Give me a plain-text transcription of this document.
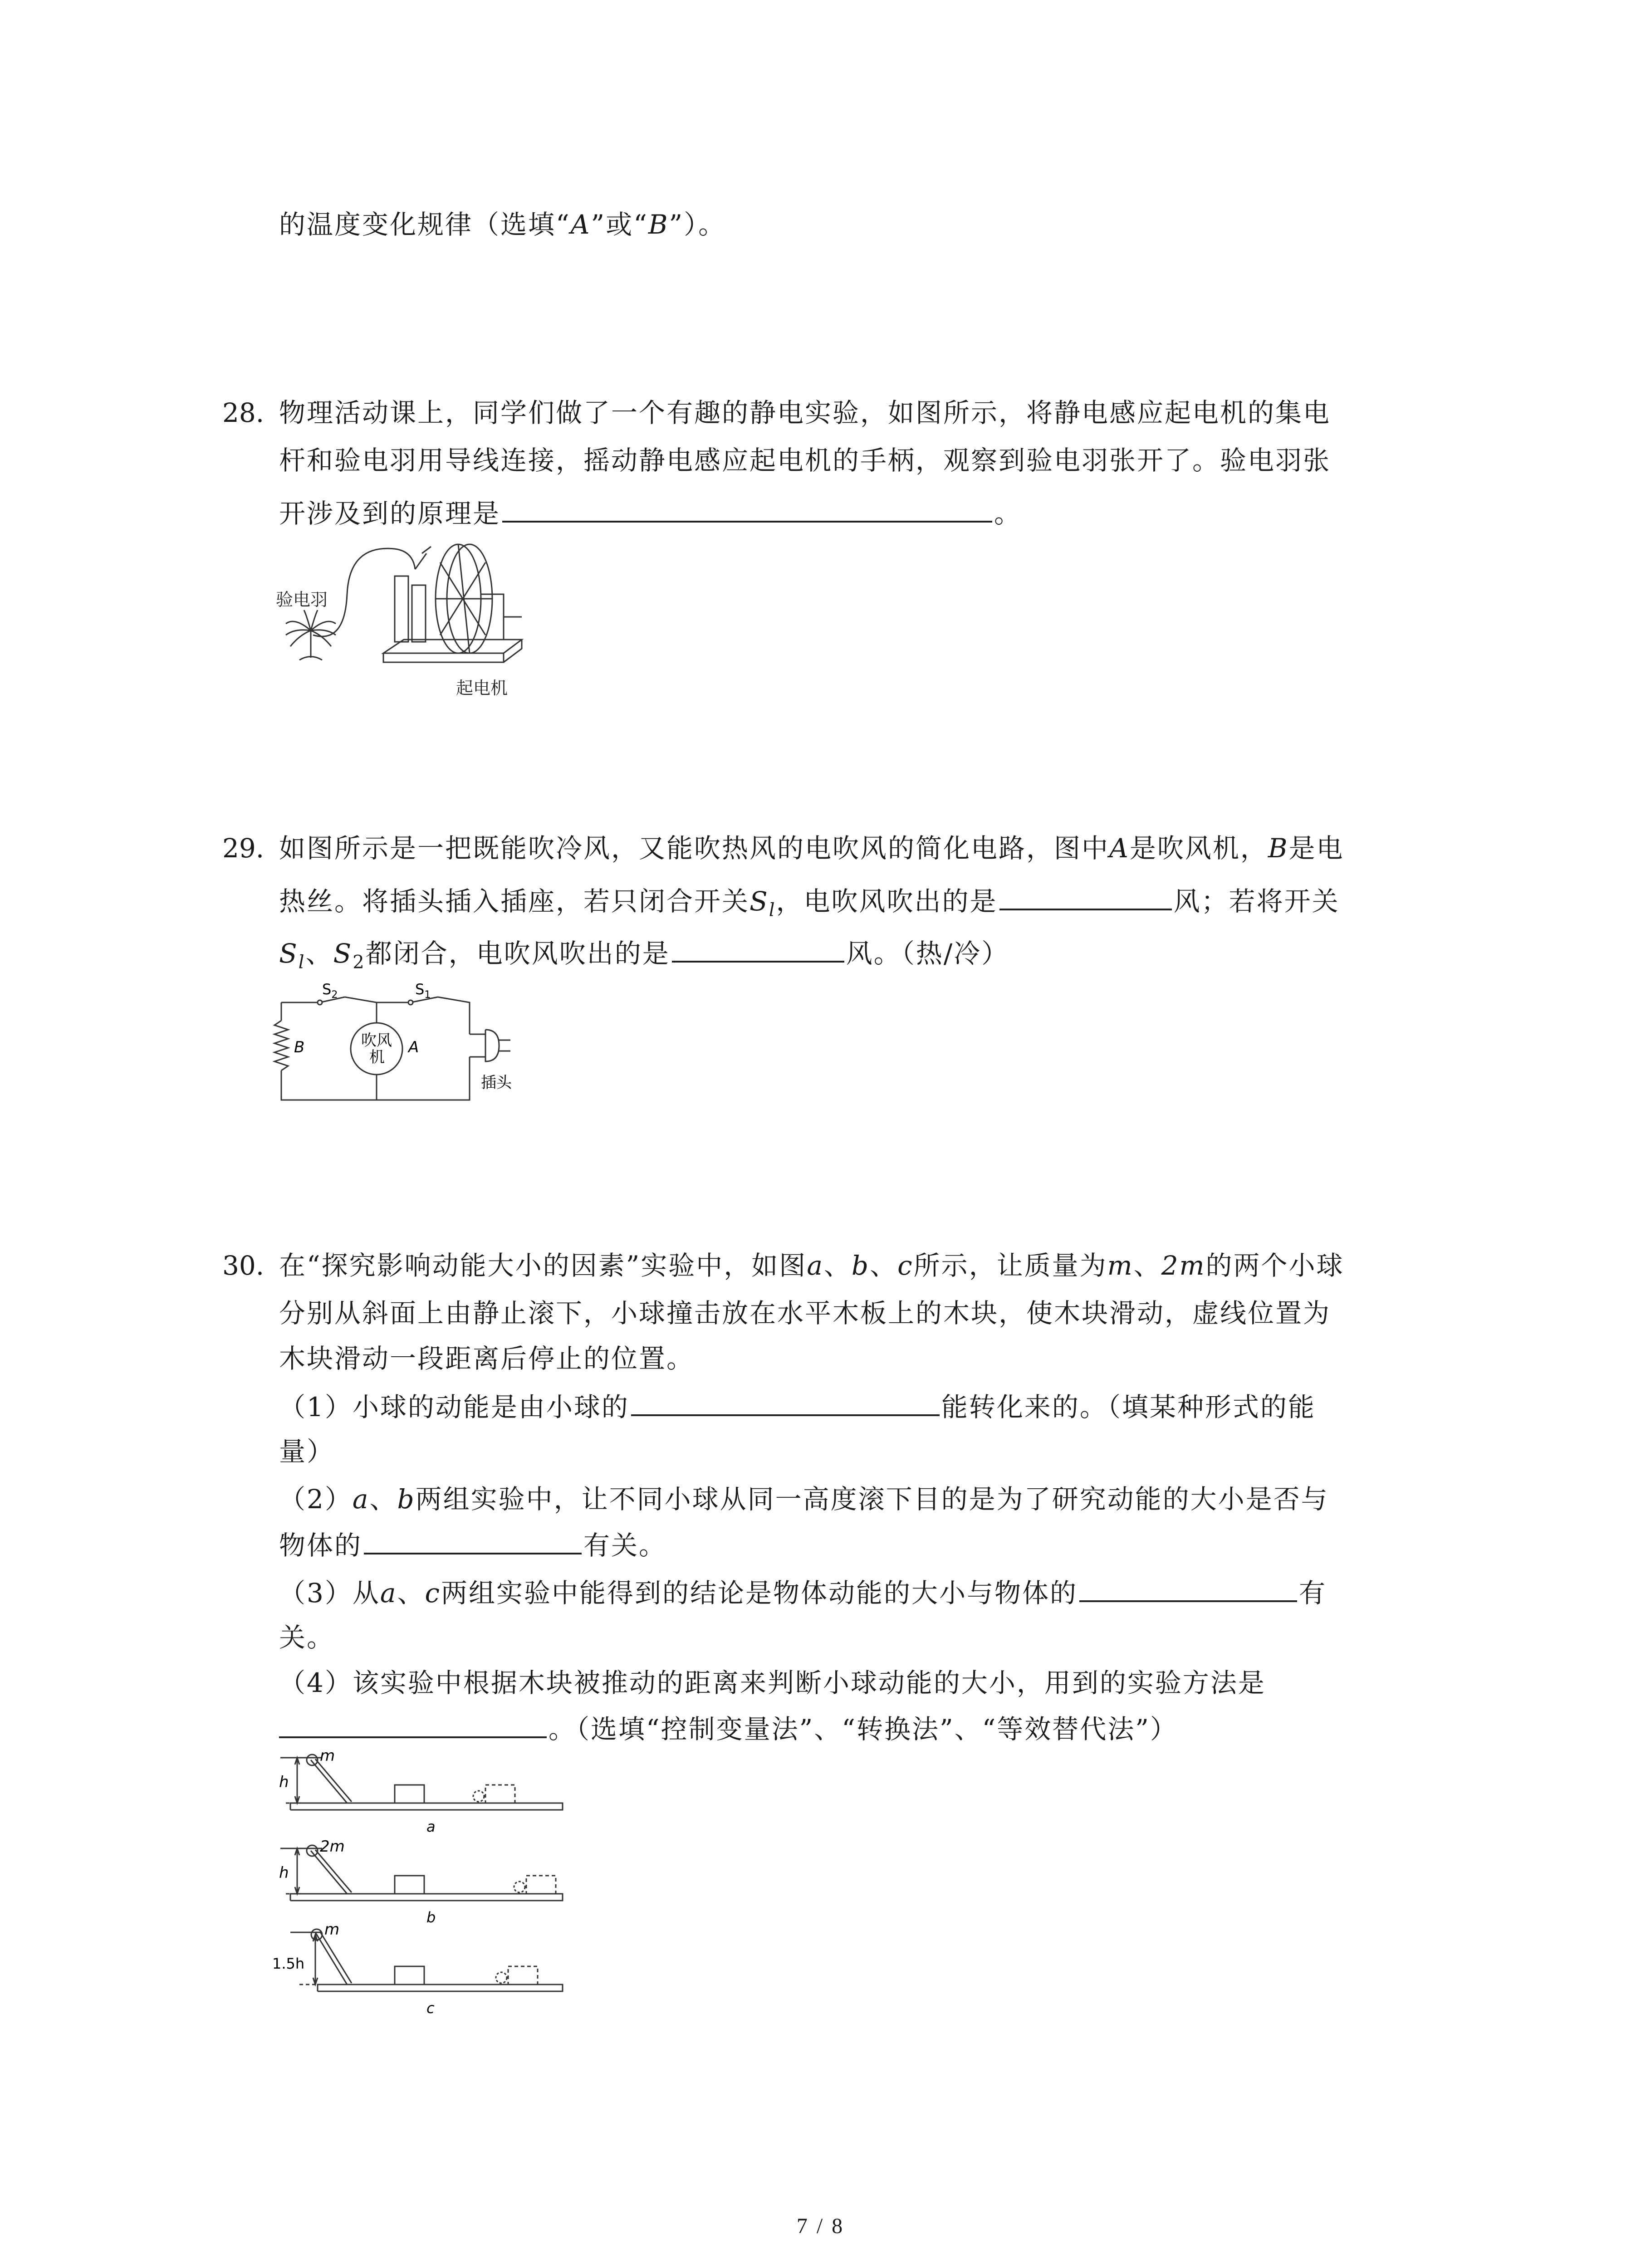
的温度变化规律（选填“A”或“B”）。
28. 物理活动课上，同学们做了一个有趣的静电实验，如图所示，将静电感应起电机的集电
杆和验电羽用导线连接，摇动静电感应起电机的手柄，观察到验电羽张开了。验电羽张
开涉及到的原理是	。
验电羽
起电机
29. 如图所示是一把既能吹冷风，又能吹热风的电吹风的简化电路，图中A是吹风机，B是电
热丝。将插头插入插座，若只闭合开关$S_l$，电吹风吹出的是	风；若将开关
$S_l$、$S_2$都闭合，电吹风吹出的是	风。（热/冷）
$S_2$	$S_1$
B	A
吹风
机
插头
30. 在“探究影响动能大小的因素”实验中，如图a、b、c所示，让质量为m、2m的两个小球
分别从斜面上由静止滚下，小球撞击放在水平木板上的木块，使木块滑动，虚线位置为
木块滑动一段距离后停止的位置。
（1）小球的动能是由小球的	能转化来的。（填某种形式的能
量）
（2）a、b两组实验中，让不同小球从同一高度滚下目的是为了研究动能的大小是否与
物体的	有关。
（3）从a、c两组实验中能得到的结论是物体动能的大小与物体的	有
关。
（4）该实验中根据木块被推动的距离来判断小球动能的大小，用到的实验方法是
。（选填“控制变量法”、“转换法”、“等效替代法”）
m
h
a
2m
h
b
m
1.5h
c
7 / 8
